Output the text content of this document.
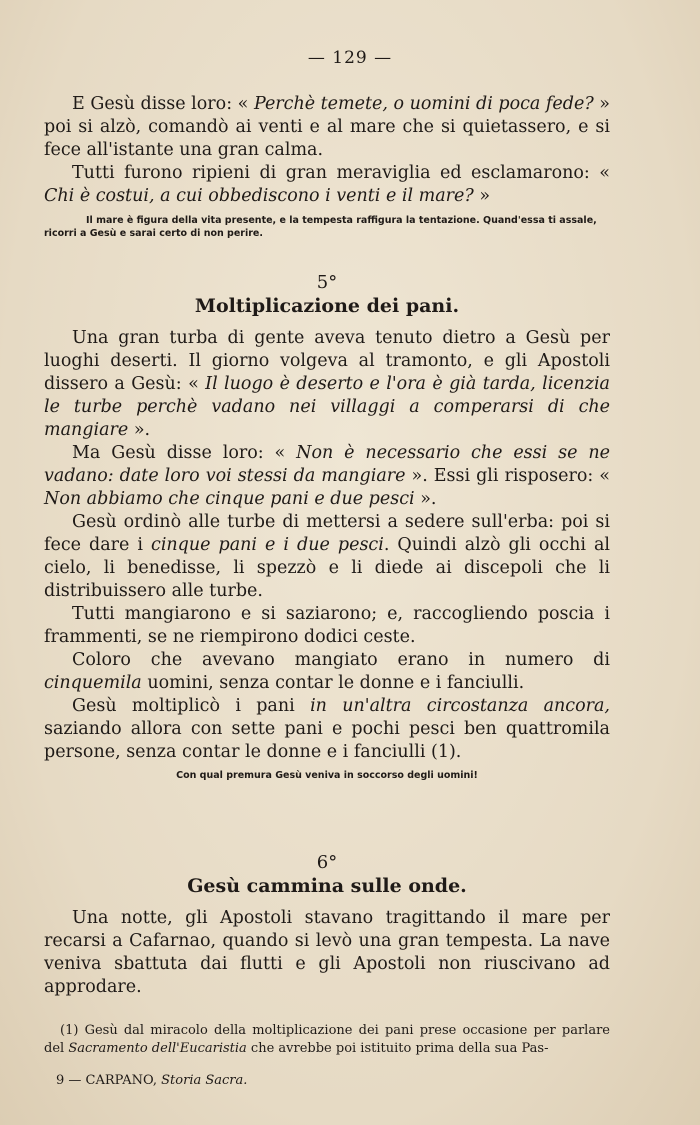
— 129 —

E Gesù disse loro: « Perchè temete, o uomini di poca fede? » poi si alzò, comandò ai venti e al mare che si quietassero, e si fece all'istante una gran calma.

Tutti furono ripieni di gran meraviglia ed esclamarono: « Chi è costui, a cui obbediscono i venti e il mare? »

Il mare è figura della vita presente, e la tempesta raffigura la tentazione. Quand'essa ti assale, ricorri a Gesù e sarai certo di non perire.

5°

Moltiplicazione dei pani.

Una gran turba di gente aveva tenuto dietro a Gesù per luoghi deserti. Il giorno volgeva al tramonto, e gli Apostoli dissero a Gesù: « Il luogo è deserto e l'ora è già tarda, licenzia le turbe perchè vadano nei villaggi a comperarsi di che mangiare ».

Ma Gesù disse loro: « Non è necessario che essi se ne vadano: date loro voi stessi da mangiare ». Essi gli risposero: « Non abbiamo che cinque pani e due pesci ».

Gesù ordinò alle turbe di mettersi a sedere sull'erba: poi si fece dare i cinque pani e i due pesci. Quindi alzò gli occhi al cielo, li benedisse, li spezzò e li diede ai discepoli che li distribuissero alle turbe.

Tutti mangiarono e si saziarono; e, raccogliendo poscia i frammenti, se ne riempirono dodici ceste.

Coloro che avevano mangiato erano in numero di cinquemila uomini, senza contar le donne e i fanciulli.

Gesù moltiplicò i pani in un'altra circostanza ancora, saziando allora con sette pani e pochi pesci ben quattromila persone, senza contar le donne e i fanciulli (1).

Con qual premura Gesù veniva in soccorso degli uomini!

6°

Gesù cammina sulle onde.

Una notte, gli Apostoli stavano tragittando il mare per recarsi a Cafarnao, quando si levò una gran tempesta. La nave veniva sbattuta dai flutti e gli Apostoli non riuscivano ad approdare.

(1) Gesù dal miracolo della moltiplicazione dei pani prese occasione per parlare del Sacramento dell'Eucaristia che avrebbe poi istituito prima della sua Pas-

9 — CARPANO, Storia Sacra.
